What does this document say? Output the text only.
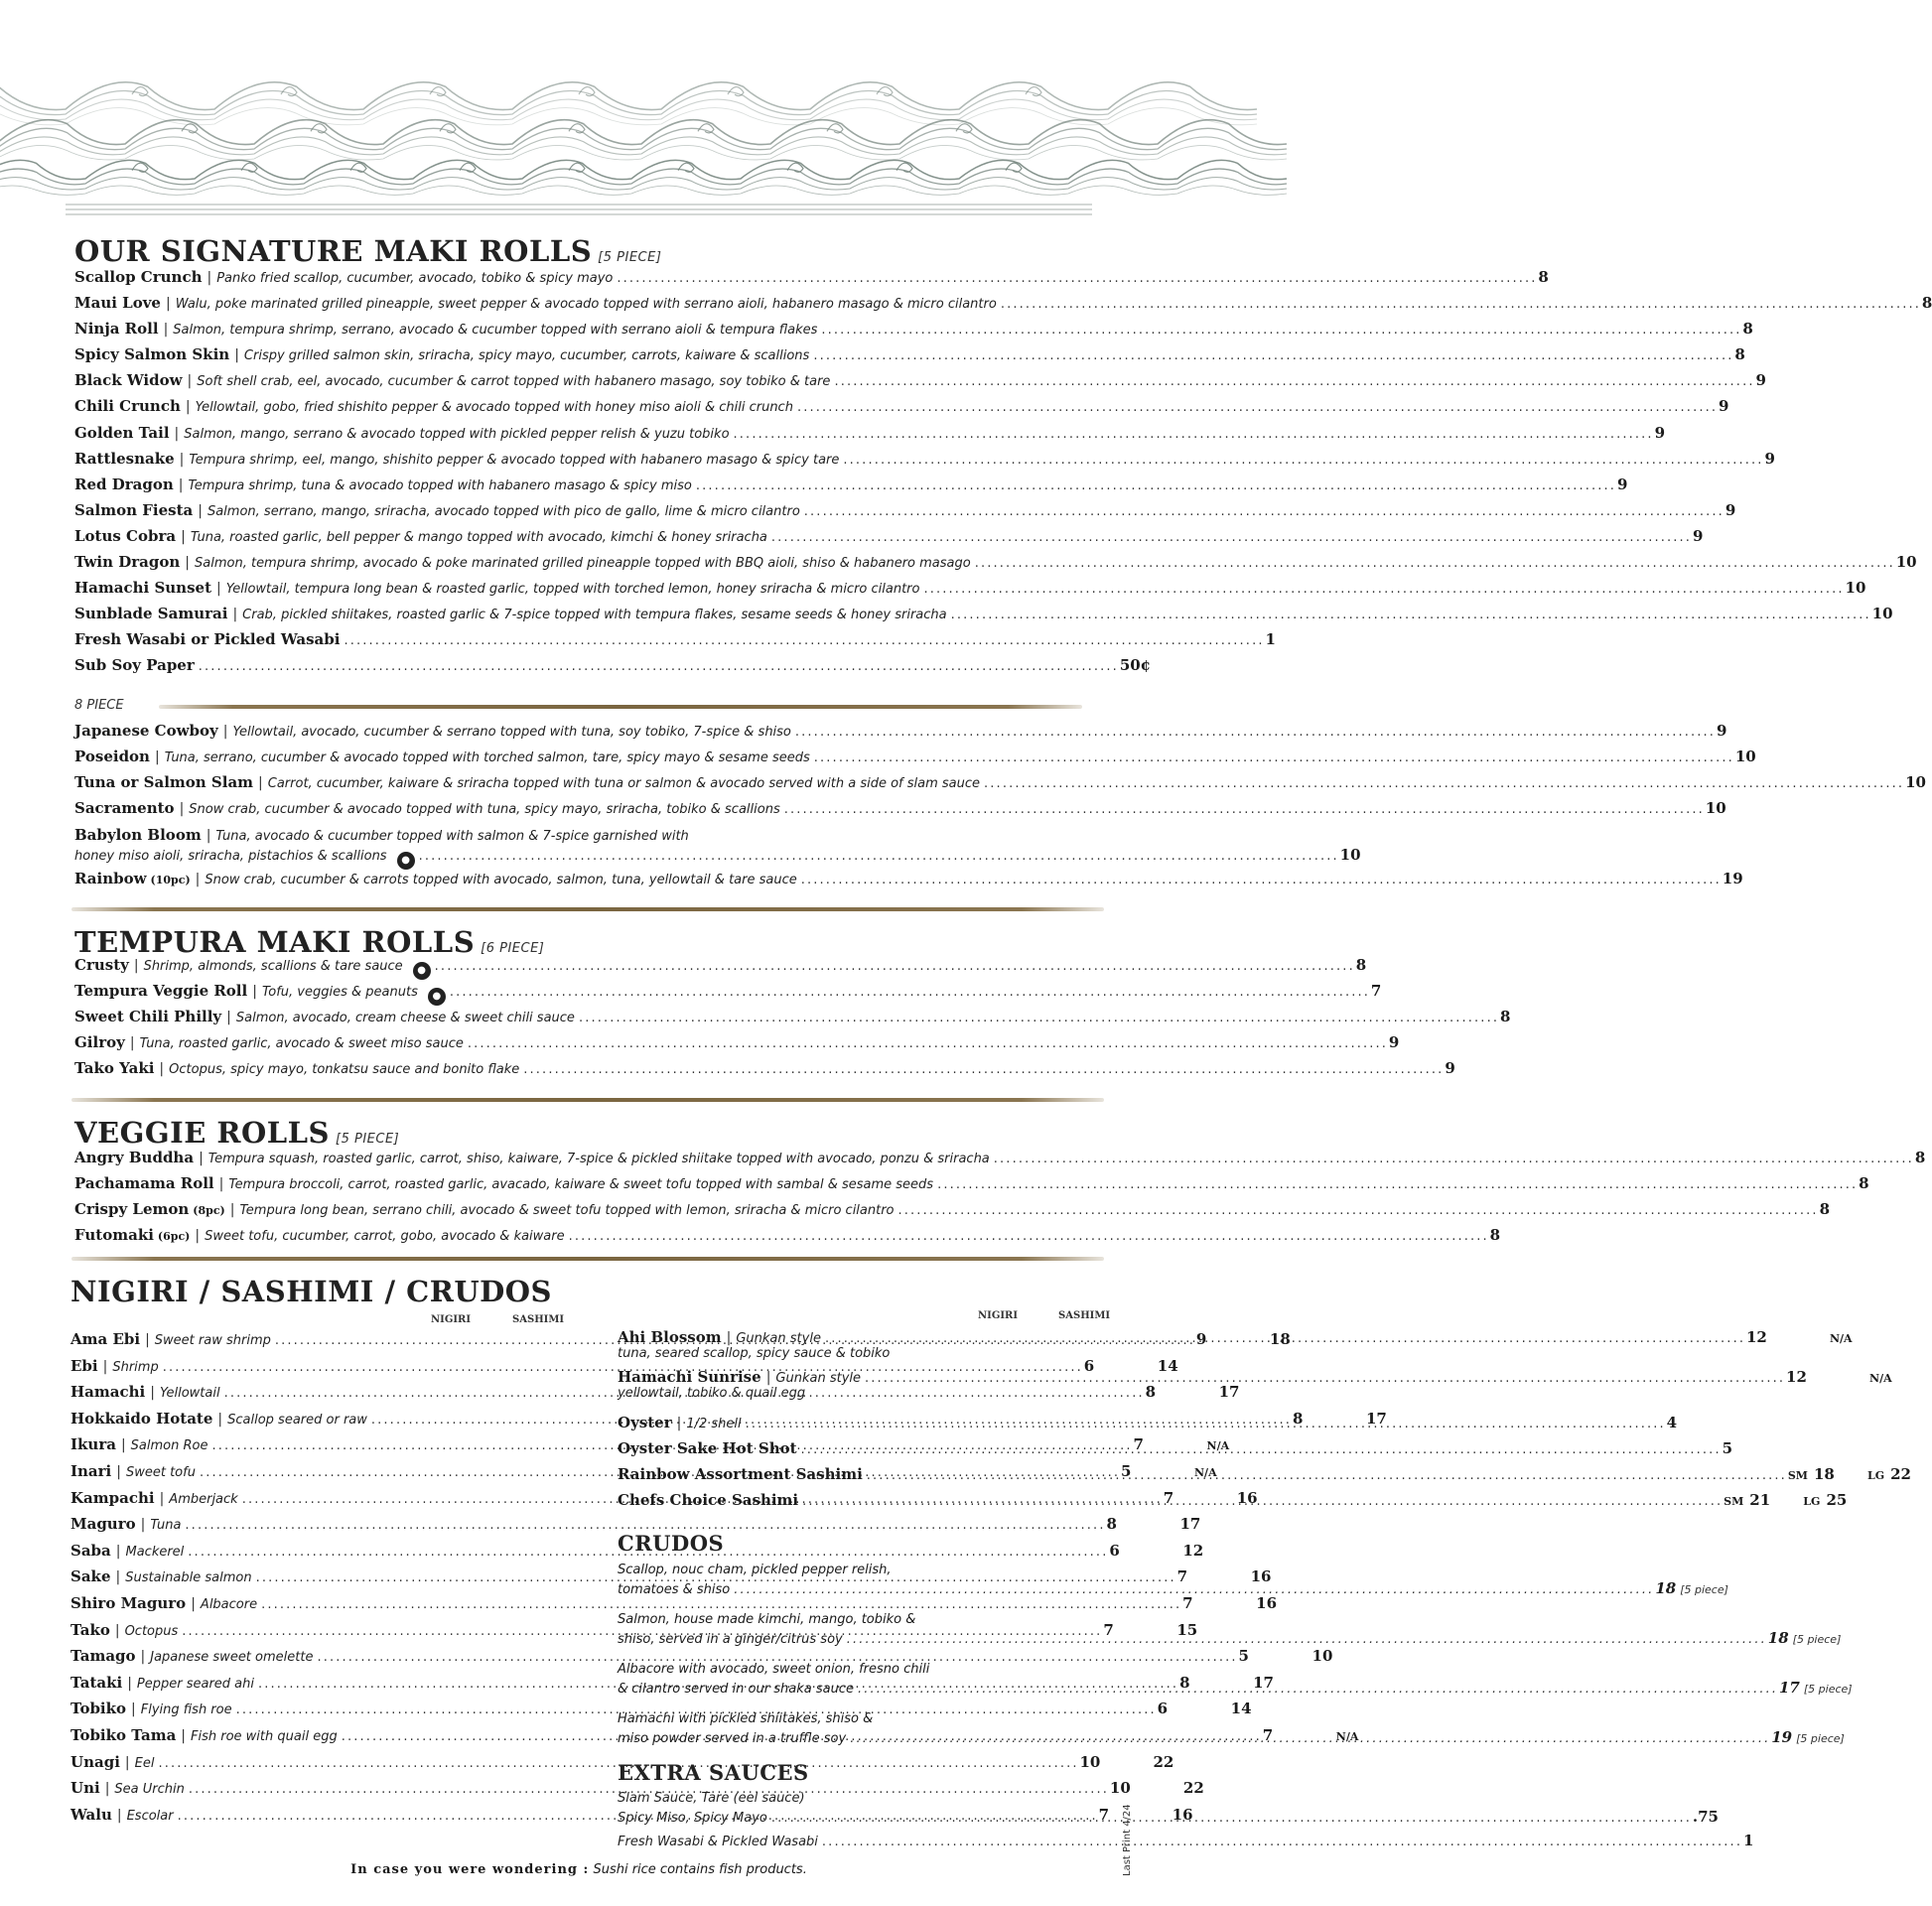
OUR SIGNATURE MAKI ROLLS [5 PIECE]
Scallop Crunch | Panko fried scallop, cucumber, avocado, tobiko & spicy mayo . . .	8
Maui Love | Walu, poke marinated grilled pineapple, sweet pepper & avocado topped with serrano aioli, habanero masago & micro cilantro . . .	8
Ninja Roll | Salmon, tempura shrimp, serrano, avocado & cucumber topped with serrano aioli & tempura flakes . . .	8
Spicy Salmon Skin | Crispy grilled salmon skin, sriracha, spicy mayo, cucumber, carrots, kaiware & scallions . . .	8
Black Widow | Soft shell crab, eel, avocado, cucumber & carrot topped with habanero masago, soy tobiko & tare . . .	9
Chili Crunch | Yellowtail, gobo, fried shishito pepper & avocado topped with honey miso aioli & chili crunch . . .	9
Golden Tail | Salmon, mango, serrano & avocado topped with pickled pepper relish & yuzu tobiko . . .	9
Rattlesnake | Tempura shrimp, eel, mango, shishito pepper & avocado topped with habanero masago & spicy tare . . .	9
Red Dragon | Tempura shrimp, tuna & avocado topped with habanero masago & spicy miso . . .	9
Salmon Fiesta | Salmon, serrano, mango, sriracha, avocado topped with pico de gallo, lime & micro cilantro . . .	9
Lotus Cobra | Tuna, roasted garlic, bell pepper & mango topped with avocado, kimchi & honey sriracha . . .	9
Twin Dragon | Salmon, tempura shrimp, avocado & poke marinated grilled pineapple topped with BBQ aioli, shiso & habanero masago . . .	10
Hamachi Sunset | Yellowtail, tempura long bean & roasted garlic, topped with torched lemon, honey sriracha & micro cilantro . . .	10
Sunblade Samurai | Crab, pickled shiitakes, roasted garlic & 7-spice topped with tempura flakes, sesame seeds & honey sriracha . . .	10
Fresh Wasabi or Pickled Wasabi . . .	1
Sub Soy Paper . . .	50¢
8 PIECE
Japanese Cowboy | Yellowtail, avocado, cucumber & serrano topped with tuna, soy tobiko, 7-spice & shiso . . .	9
Poseidon | Tuna, serrano, cucumber & avocado topped with torched salmon, tare, spicy mayo & sesame seeds . . .	10
Tuna or Salmon Slam | Carrot, cucumber, kaiware & sriracha topped with tuna or salmon & avocado served with a side of slam sauce . . .	10
Sacramento | Snow crab, cucumber & avocado topped with tuna, spicy mayo, sriracha, tobiko & scallions . . .	10
Babylon Bloom | Tuna, avocado & cucumber topped with salmon & 7-spice garnished with
honey miso aioli, sriracha, pistachios & scallions	● . . .	10
Rainbow (10pc) | Snow crab, cucumber & carrots topped with avocado, salmon, tuna, yellowtail & tare sauce . . .	19
TEMPURA MAKI ROLLS [6 PIECE]
Crusty | Shrimp, almonds, scallions & tare sauce	● . . .	8
Tempura Veggie Roll | Tofu, veggies & peanuts	● . . .	7
Sweet Chili Philly | Salmon, avocado, cream cheese & sweet chili sauce . . .	8
Gilroy | Tuna, roasted garlic, avocado & sweet miso sauce . . .	9
Tako Yaki | Octopus, spicy mayo, tonkatsu sauce and bonito flake . . .	9
VEGGIE ROLLS [5 PIECE]
Angry Buddha | Tempura squash, roasted garlic, carrot, shiso, kaiware, 7-spice & pickled shiitake topped with avocado, ponzu & sriracha . . .	8
Pachamama Roll | Tempura broccoli, carrot, roasted garlic, avacado, kaiware & sweet tofu topped with sambal & sesame seeds . . .	8
Crispy Lemon (8pc) | Tempura long bean, serrano chili, avocado & sweet tofu topped with lemon, sriracha & micro cilantro . . .	8
Futomaki (6pc) | Sweet tofu, cucumber, carrot, gobo, avocado & kaiware . . .	8
NIGIRI / SASHIMI / CRUDOS
NIGIRI	SASHIMI	NIGIRI	SASHIMI
Ama Ebi | Sweet raw shrimp . . .	9	18
Ebi | Shrimp . . .	6	14
Hamachi | Yellowtail . . .	8	17
Hokkaido Hotate | Scallop seared or raw . . .	8	17
Ikura | Salmon Roe . . .	7	N/A
Inari | Sweet tofu . . .	5	N/A
Kampachi | Amberjack . . .	7	16
Maguro | Tuna . . .	8	17
Saba | Mackerel . . .	6	12
Sake | Sustainable salmon . . .	7	16
Shiro Maguro | Albacore . . .	7	16
Tako | Octopus . . .	7	15
Tamago | Japanese sweet omelette . . .	5	10
Tataki | Pepper seared ahi . . .	8	17
Tobiko | Flying fish roe . . .	6	14
Tobiko Tama | Fish roe with quail egg . . .	7	N/A
Unagi | Eel . . .	10	22
Uni | Sea Urchin . . .	10	22
Walu | Escolar . . .	7	16
Ahi Blossom | Gunkan style . . .	12	N/A
tuna, seared scallop, spicy sauce & tobiko
Hamachi Sunrise | Gunkan style . . .	12	N/A
yellowtail, tobiko & quail egg
Oyster | 1/2 shell . . .	4
Oyster Sake Hot Shot . . .	5
Rainbow Assortment Sashimi . . .	SM 18	LG 22
Chefs Choice Sashimi . . .	SM 21	LG 25
CRUDOS
Scallop, nouc cham, pickled pepper relish,
tomatoes & shiso . . .	18 [5 piece]
Salmon, house made kimchi, mango, tobiko &
shiso, served in a ginger/citrus soy . . .	18 [5 piece]
Albacore with avocado, sweet onion, fresno chili
& cilantro served in our shaka sauce . . .	17 [5 piece]
Hamachi with pickled shiitakes, shiso &
miso powder served in a truffle soy . . .	19 [5 piece]
EXTRA SAUCES
Slam Sauce, Tare (eel sauce)
Spicy Miso, Spicy Mayo . . .	.75
Fresh Wasabi & Pickled Wasabi . . .	1
In case you were wondering : Sushi rice contains fish products.	Last Print 4/24
